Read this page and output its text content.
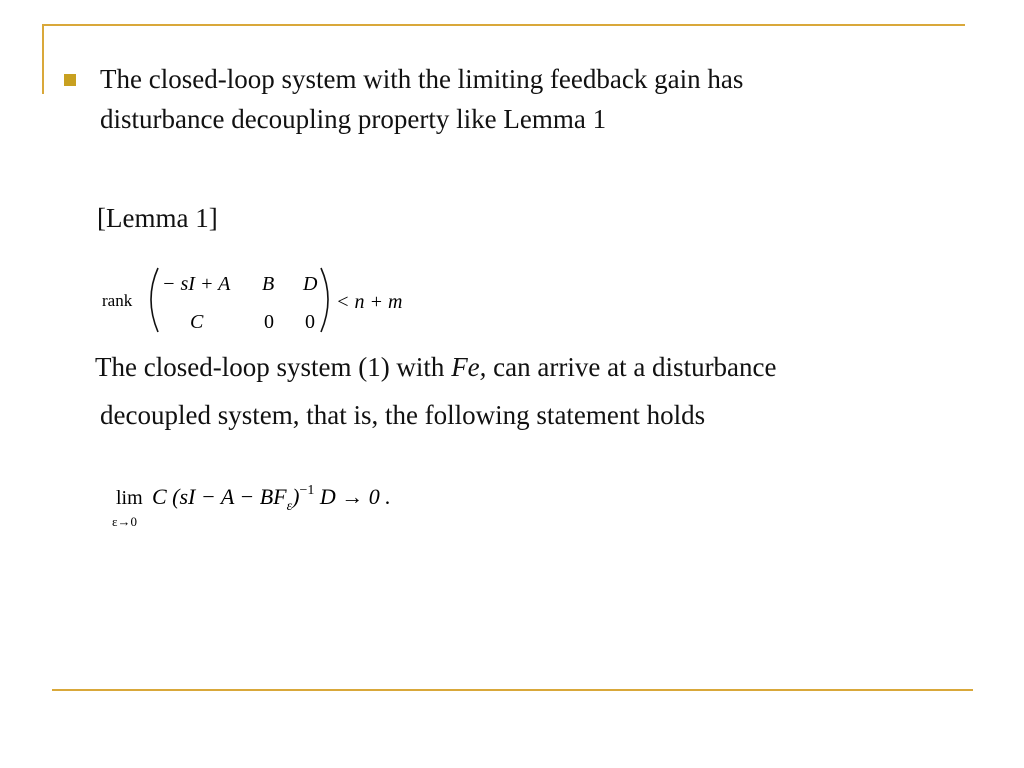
The closed-loop system with the limiting feedback gain has
disturbance decoupling property like Lemma 1
[Lemma 1]
rank
− sI + A B D
C	0 0
< n + m
The closed-loop system (1) with Fe, can arrive at a disturbance
decoupled system, that is, the following statement holds
lim
ε→0
C $(sI - A - BF_\varepsilon)^{-1}$ D → 0 .
